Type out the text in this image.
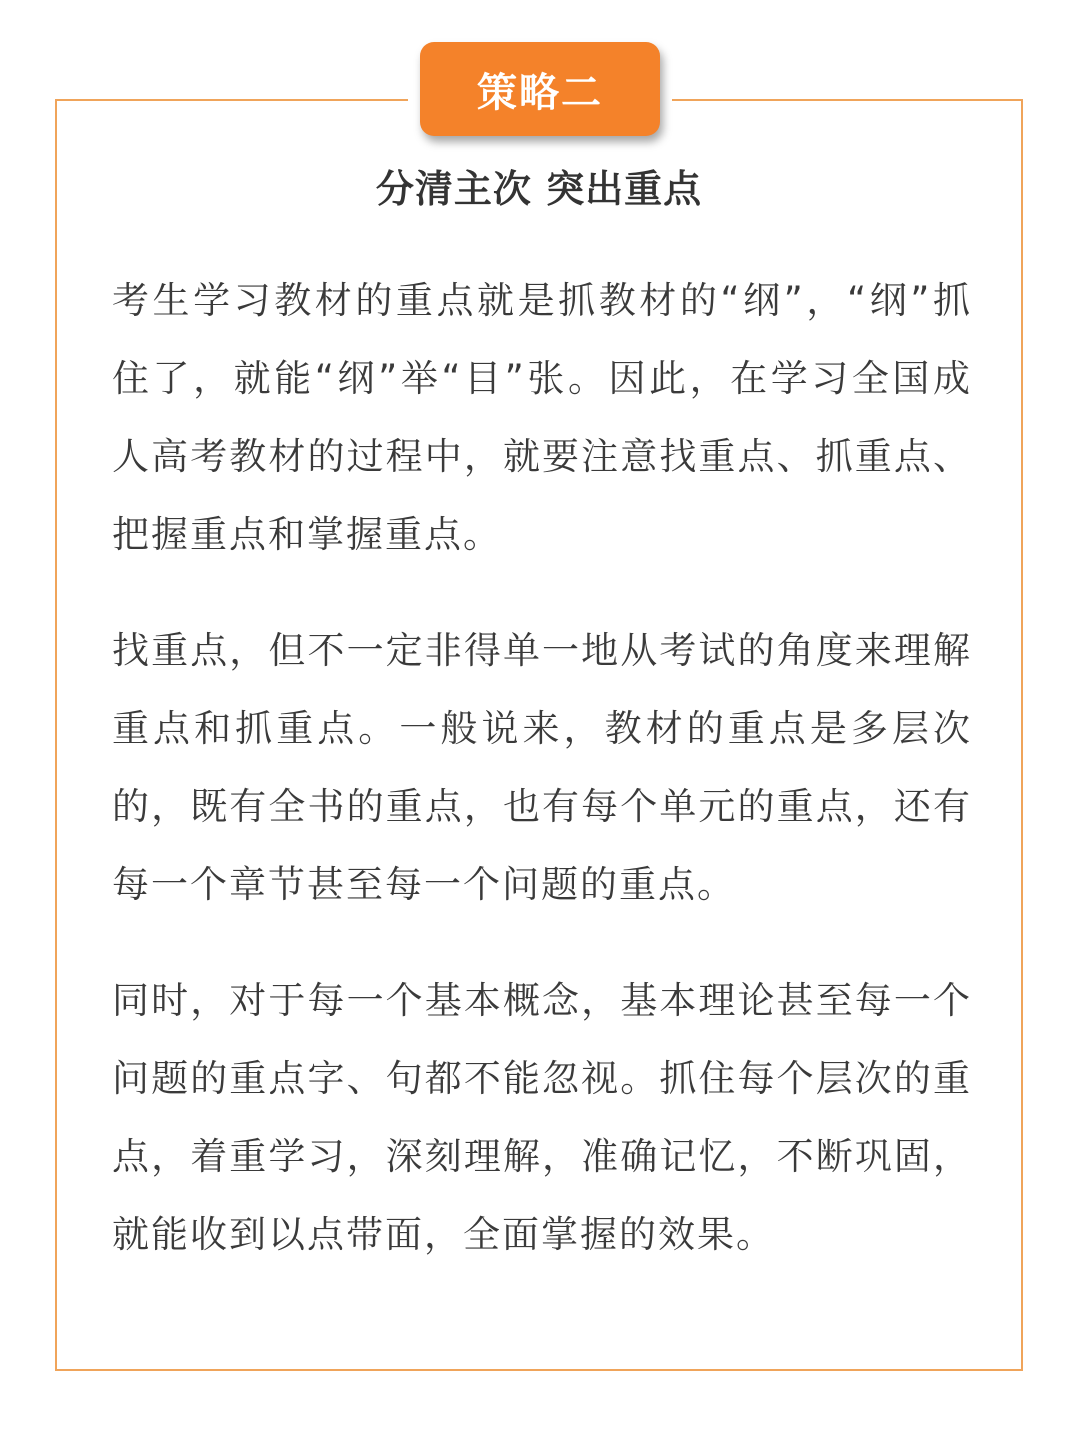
策略二
分清主次 突出重点

考生学习教材的重点就是抓教材的“纲”，“纲”抓住了，就能“纲”举“目”张。因此，在学习全国成人高考教材的过程中，就要注意找重点、抓重点、把握重点和掌握重点。

找重点，但不一定非得单一地从考试的角度来理解重点和抓重点。一般说来，教材的重点是多层次的，既有全书的重点，也有每个单元的重点，还有每一个章节甚至每一个问题的重点。

同时，对于每一个基本概念，基本理论甚至每一个问题的重点字、句都不能忽视。抓住每个层次的重点，着重学习，深刻理解，准确记忆，不断巩固，就能收到以点带面，全面掌握的效果。
